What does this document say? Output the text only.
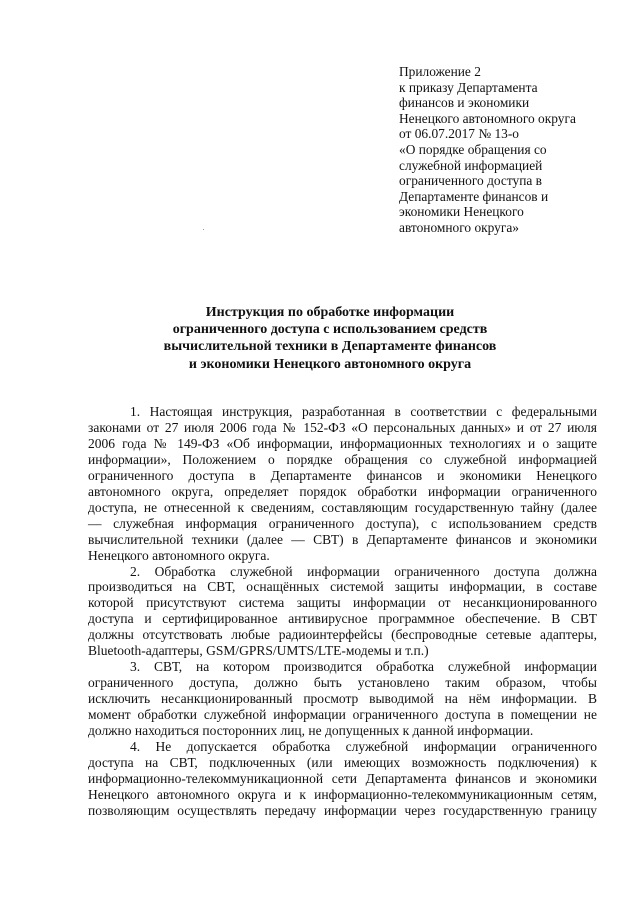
Приложение 2
к приказу Департамента
финансов и экономики
Ненецкого автономного округа
от 06.07.2017 № 13-о
«О порядке обращения со
служебной информацией
ограниченного доступа в
Департаменте финансов и
экономики Ненецкого
автономного округа»
Инструкция по обработке информации
ограниченного доступа с использованием средств
вычислительной техники в Департаменте финансов
и экономики Ненецкого автономного округа
1. Настоящая инструкция, разработанная в соответствии с федеральными
законами от 27 июля 2006 года № 152-ФЗ «О персональных данных» и от 27 июля
2006 года № 149-ФЗ «Об информации, информационных технологиях и о защите
информации», Положением о порядке обращения со служебной информацией
ограниченного доступа в Департаменте финансов и экономики Ненецкого
автономного округа, определяет порядок обработки информации ограниченного
доступа, не отнесенной к сведениям, составляющим государственную тайну (далее
— служебная информация ограниченного доступа), с использованием средств
вычислительной техники (далее — СВТ) в Департаменте финансов и экономики
Ненецкого автономного округа.
2. Обработка служебной информации ограниченного доступа должна
производиться на СВТ, оснащённых системой защиты информации, в составе
которой присутствуют система защиты информации от несанкционированного
доступа и сертифицированное антивирусное программное обеспечение. В СВТ
должны отсутствовать любые радиоинтерфейсы (беспроводные сетевые адаптеры,
Bluetooth-адаптеры, GSM/GPRS/UMTS/LTE-модемы и т.п.)
3. СВТ, на котором производится обработка служебной информации
ограниченного доступа, должно быть установлено таким образом, чтобы
исключить несанкционированный просмотр выводимой на нём информации. В
момент обработки служебной информации ограниченного доступа в помещении не
должно находиться посторонних лиц, не допущенных к данной информации.
4. Не допускается обработка служебной информации ограниченного
доступа на СВТ, подключенных (или имеющих возможность подключения) к
информационно-телекоммуникационной сети Департамента финансов и экономики
Ненецкого автономного округа и к информационно-телекоммуникационным сетям,
позволяющим осуществлять передачу информации через государственную границу
